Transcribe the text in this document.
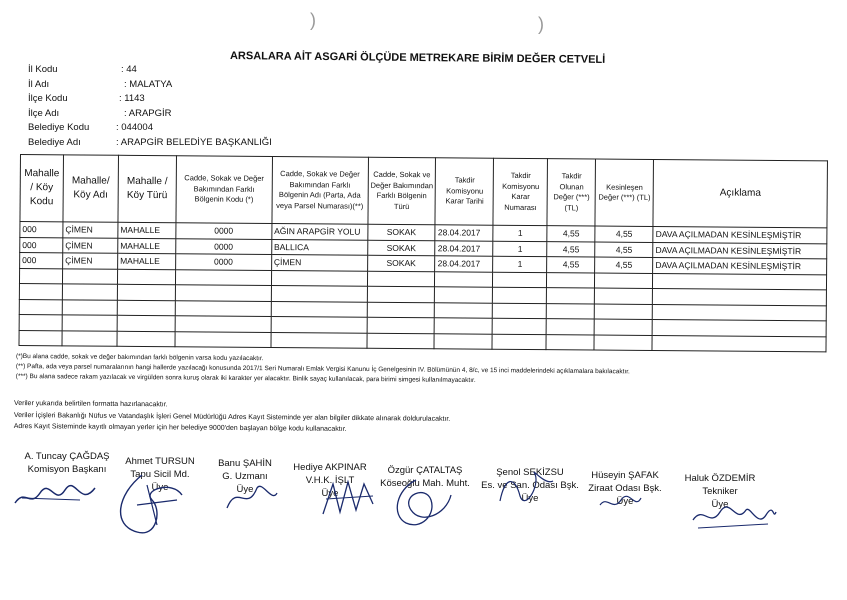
)	)
ARSALARA AİT ASGARİ ÖLÇÜDE METREKARE BİRİM DEĞER CETVELİ
İl Kodu	: 44
İl Adı	: MALATYA
İlçe Kodu	: 1143
İlçe Adı	: ARAPGİR
Belediye Kodu	: 044004
Belediye Adı	: ARAPGİR BELEDİYE BAŞKANLIĞI
Mahalle / Köy Kodu	Mahalle/ Köy Adı	Mahalle / Köy Türü	Cadde, Sokak ve Değer Bakımından Farklı Bölgenin Kodu (*)	Cadde, Sokak ve Değer Bakımından Farklı Bölgenin Adı (Parta, Ada veya Parsel Numarası)(**)	Cadde, Sokak ve Değer Bakımından Farklı Bölgenin Türü	Takdir Komisyonu Karar Tarihi	Takdir Komisyonu Karar Numarası	Takdir Olunan Değer (***) (TL)	Kesinleşen Değer (***) (TL)	Açıklama
000	ÇİMEN	MAHALLE	0000	AĞIN ARAPGİR YOLU	SOKAK	28.04.2017	1	4,55	4,55	DAVA AÇILMADAN KESİNLEŞMİŞTİR
000	ÇİMEN	MAHALLE	0000	BALLICA	SOKAK	28.04.2017	1	4,55	4,55	DAVA AÇILMADAN KESİNLEŞMİŞTİR
000	ÇİMEN	MAHALLE	0000	ÇİMEN	SOKAK	28.04.2017	1	4,55	4,55	DAVA AÇILMADAN KESİNLEŞMİŞTİR

(*)Bu alana cadde, sokak ve değer bakımından farklı bölgenin varsa kodu yazılacaktır.
(**) Pafta, ada veya parsel numaralarının hangi hallerde yazılacağı konusunda 2017/1 Seri Numaralı Emlak Vergisi Kanunu İç Genelgesinin IV. Bölümünün 4, 8/c, ve 15 inci maddelerindeki açıklamalara bakılacaktır.
(***) Bu alana sadece rakam yazılacak ve virgülden sonra kuruş olarak iki karakter yer alacaktır. Binlik sayaç kullanılacak, para birimi simgesi kullanılmayacaktır.
Veriler yukarıda belirtilen formatta hazırlanacaktır.
Veriler İçişleri Bakanlığı Nüfus ve Vatandaşlık İşleri Genel Müdürlüğü Adres Kayıt Sisteminde yer alan bilgiler dikkate alınarak doldurulacaktır.
Adres Kayıt Sisteminde kayıtlı olmayan yerler için her belediye 9000'den başlayan bölge kodu kullanacaktır.
A. Tuncay ÇAĞDAŞ
Komisyon Başkanı
Ahmet TURSUN
Tapu Sicil Md.
Üye
Banu ŞAHİN
G. Uzmanı
Üye
Hediye AKPINAR
V.H.K. İŞLT
Üye
Özgür ÇATALTAŞ
Köseoğlu Mah. Muht.
Şenol SEKİZSU
Es. ve San. Odası Bşk.
Üye
Hüseyin ŞAFAK
Ziraat Odası Bşk.
Üye
Haluk ÖZDEMİR
Tekniker
Üye
